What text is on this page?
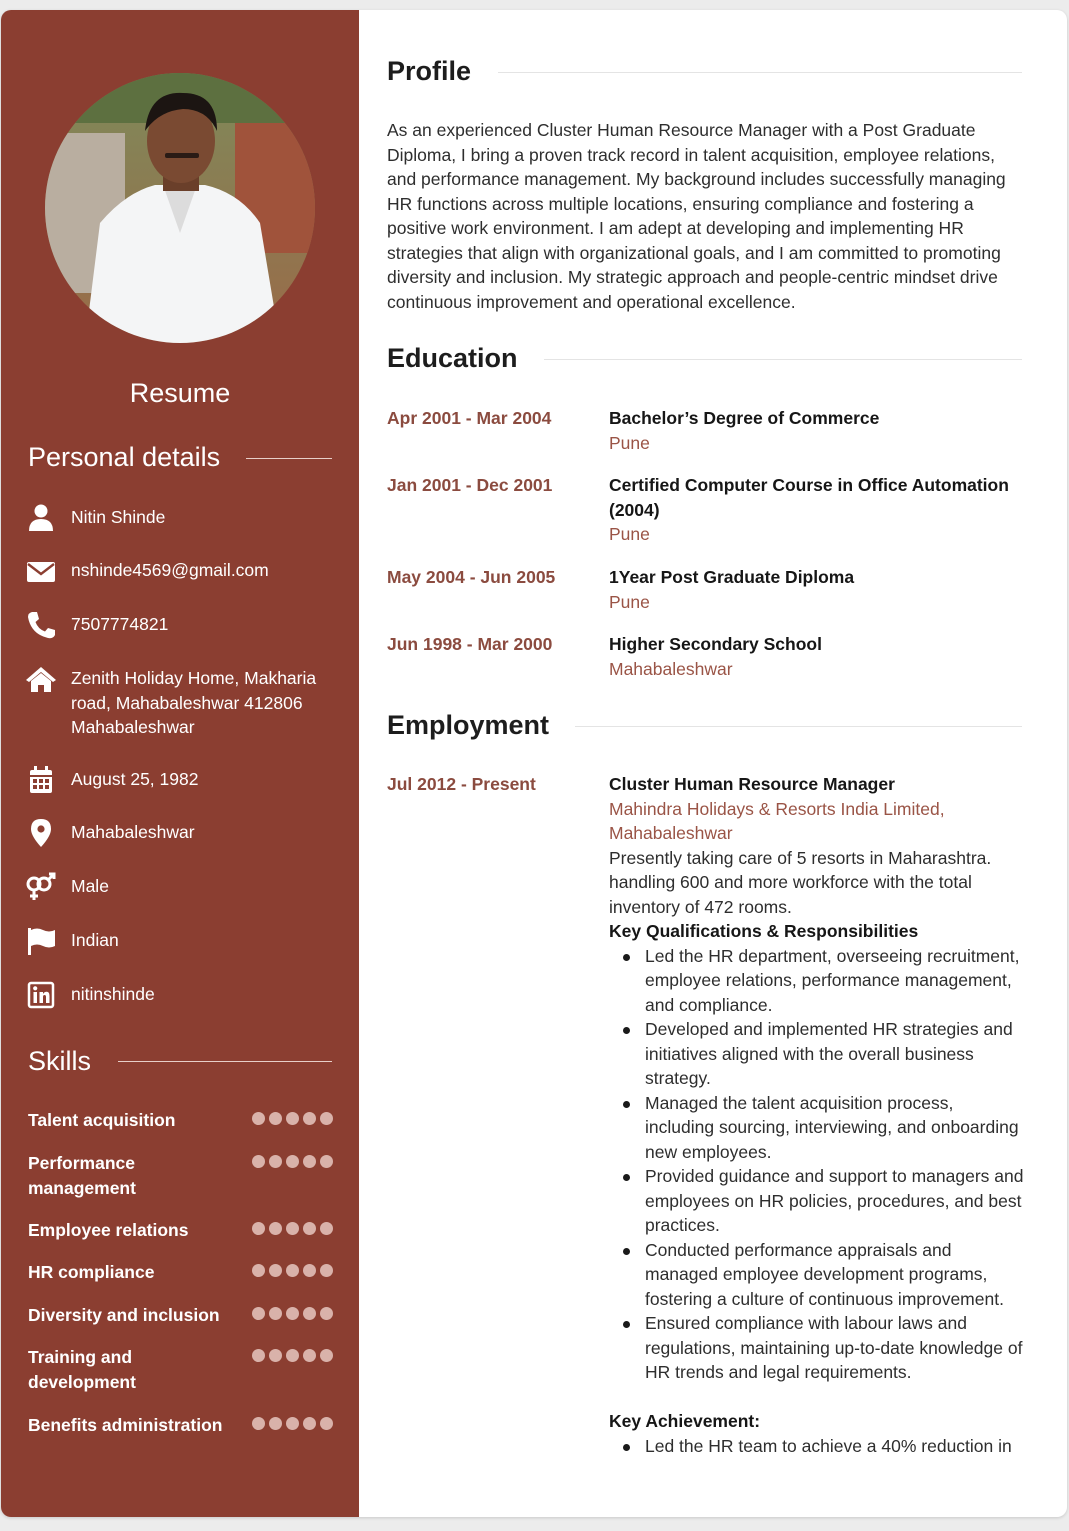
Resume
Personal details
Nitin Shinde
nshinde4569@gmail.com
7507774821
Zenith Holiday Home, Makharia road, Mahabaleshwar 412806 Mahabaleshwar
August 25, 1982
Mahabaleshwar
Male
Indian
nitinshinde
Skills
Talent acquisition
Performance management
Employee relations
HR compliance
Diversity and inclusion
Training and development
Benefits administration
Profile
As an experienced Cluster Human Resource Manager with a Post Graduate Diploma, I bring a proven track record in talent acquisition, employee relations, and performance management. My background includes successfully managing HR functions across multiple locations, ensuring compliance and fostering a positive work environment. I am adept at developing and implementing HR strategies that align with organizational goals, and I am committed to promoting diversity and inclusion. My strategic approach and people-centric mindset drive continuous improvement and operational excellence.
Education
Apr 2001 - Mar 2004	Bachelor’s Degree of Commerce
Pune
Jan 2001 - Dec 2001	Certified Computer Course in Office Automation (2004)
Pune
May 2004 - Jun 2005	1Year Post Graduate Diploma
Pune
Jun 1998 - Mar 2000	Higher Secondary School
Mahabaleshwar
Employment
Jul 2012 - Present	Cluster Human Resource Manager
Mahindra Holidays & Resorts India Limited, Mahabaleshwar
Presently taking care of 5 resorts in Maharashtra. handling 600 and more workforce with the total inventory of 472 rooms.
Key Qualifications & Responsibilities
Led the HR department, overseeing recruitment, employee relations, performance management, and compliance.
Developed and implemented HR strategies and initiatives aligned with the overall business strategy.
Managed the talent acquisition process, including sourcing, interviewing, and onboarding new employees.
Provided guidance and support to managers and employees on HR policies, procedures, and best practices.
Conducted performance appraisals and managed employee development programs, fostering a culture of continuous improvement.
Ensured compliance with labour laws and regulations, maintaining up-to-date knowledge of HR trends and legal requirements.
Key Achievement:
Led the HR team to achieve a 40% reduction in
